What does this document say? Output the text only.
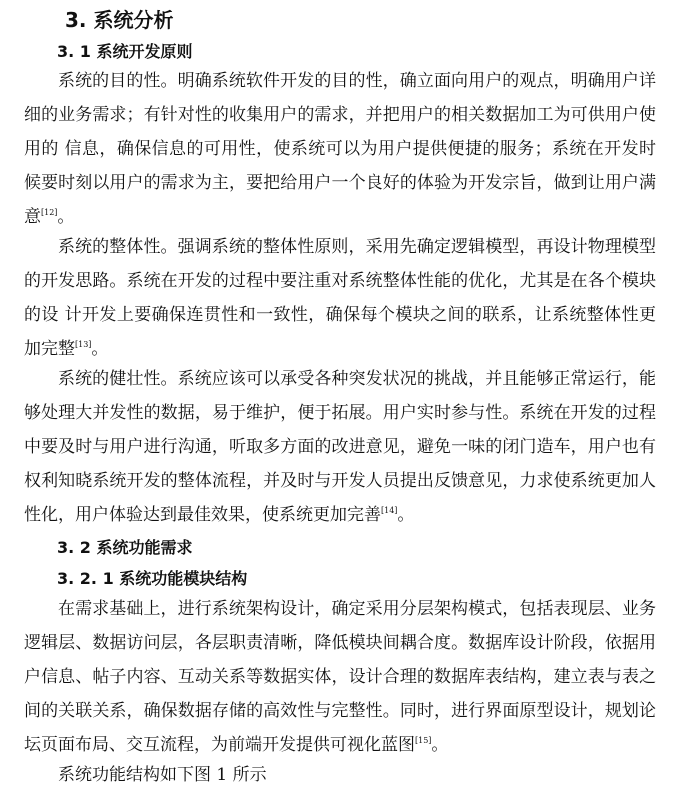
3. 系统分析
3. 1 系统开发原则

系统的目的性。明确系统软件开发的目的性，确立面向用户的观点，明确用户详细的业务需求；有针对性的收集用户的需求，并把用户的相关数据加工为可供用户使用的 信息，确保信息的可用性，使系统可以为用户提供便捷的服务；系统在开发时候要时刻以用户的需求为主，要把给用户一个良好的体验为开发宗旨，做到让用户满意[12]。

系统的整体性。强调系统的整体性原则，采用先确定逻辑模型，再设计物理模型的开发思路。系统在开发的过程中要注重对系统整体性能的优化，尤其是在各个模块的设 计开发上要确保连贯性和一致性，确保每个模块之间的联系，让系统整体性更加完整[13]。

系统的健壮性。系统应该可以承受各种突发状况的挑战，并且能够正常运行，能够处理大并发性的数据，易于维护，便于拓展。用户实时参与性。系统在开发的过程中要及时与用户进行沟通，听取多方面的改进意见，避免一味的闭门造车，用户也有权利知晓系统开发的整体流程，并及时与开发人员提出反馈意见，力求使系统更加人性化，用户体验达到最佳效果，使系统更加完善[14]。

3. 2 系统功能需求
3. 2. 1 系统功能模块结构

在需求基础上，进行系统架构设计，确定采用分层架构模式，包括表现层、业务逻辑层、数据访问层，各层职责清晰，降低模块间耦合度。数据库设计阶段，依据用户信息、帖子内容、互动关系等数据实体，设计合理的数据库表结构，建立表与表之间的关联关系，确保数据存储的高效性与完整性。同时，进行界面原型设计，规划论坛页面布局、交互流程，为前端开发提供可视化蓝图[15]。

系统功能结构如下图 1 所示
